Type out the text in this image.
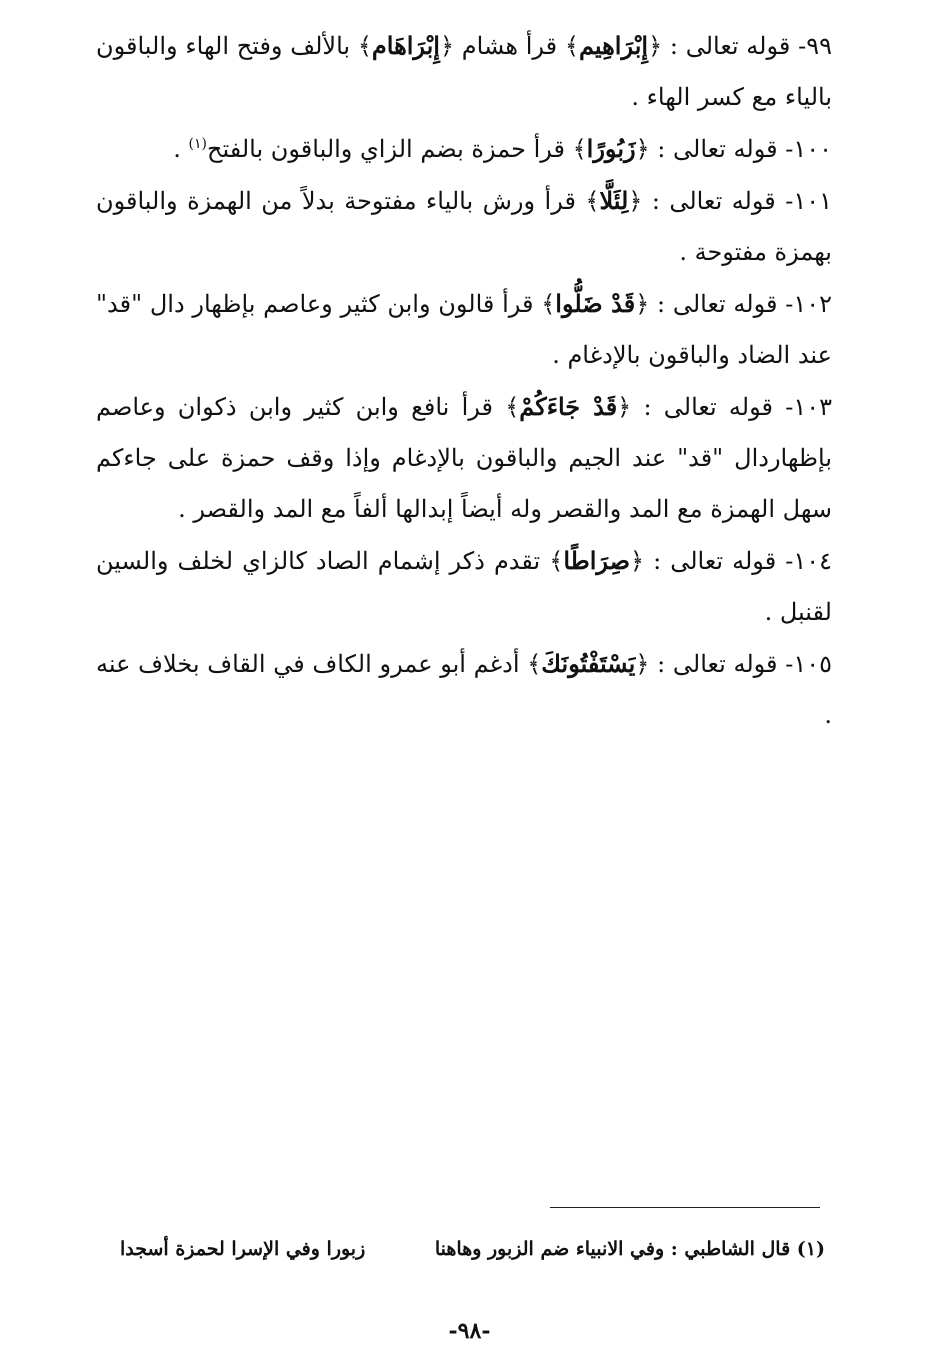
٩٩- قوله تعالى : ﴿إِبْرَاهِيم﴾ قرأ هشام ﴿إِبْرَاهَام﴾ بالألف وفتح الهاء والباقون بالياء مع كسر الهاء .

١٠٠- قوله تعالى : ﴿زَبُورًا﴾ قرأ حمزة بضم الزاي والباقون بالفتح$^{(١)}$ .

١٠١- قوله تعالى : ﴿لِئَلَّا﴾ قرأ ورش بالياء مفتوحة بدلاً من الهمزة والباقون بهمزة مفتوحة .

١٠٢- قوله تعالى : ﴿قَدْ ضَلُّوا﴾ قرأ قالون وابن كثير وعاصم بإظهار دال "قد" عند الضاد والباقون بالإدغام .

١٠٣- قوله تعالى : ﴿قَدْ جَاءَكُمْ﴾ قرأ نافع وابن كثير وابن ذكوان وعاصم بإظهاردال "قد" عند الجيم والباقون بالإدغام وإذا وقف حمزة على جاءكم سهل الهمزة مع المد والقصر وله أيضاً إبدالها ألفاً مع المد والقصر .

١٠٤- قوله تعالى : ﴿صِرَاطًا﴾ تقدم ذكر إشمام الصاد كالزاي لخلف والسين لقنبل .

١٠٥- قوله تعالى : ﴿يَسْتَفْتُونَكَ﴾ أدغم أبو عمرو الكاف في القاف بخلاف عنه .

(١) قال الشاطبي : وفي الانبياء ضم الزبور وهاهنا
زبورا وفي الإسرا لحمزة أسجدا
-٩٨-
